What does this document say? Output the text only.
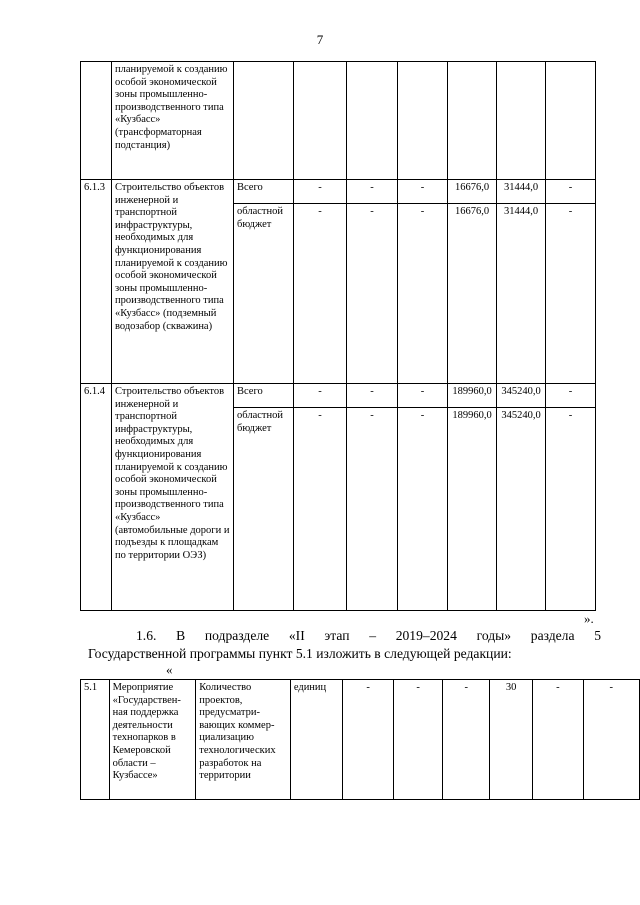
7
	планируемой к созданию особой экономической зоны промышленно-производственного типа «Кузбасс» (трансформаторная подстанция)							
6.1.3	Строительство объектов инженерной и транспортной инфраструктуры, необходимых для функционирования планируемой к созданию особой экономической зоны промышленно-производственного типа «Кузбасс» (подземный водозабор (скважина)	Всего	-	-	-	16676,0	31444,0	-
		областной бюджет	-	-	-	16676,0	31444,0	-
6.1.4	Строительство объектов инженерной и транспортной инфраструктуры, необходимых для функционирования планируемой к созданию особой экономической зоны промышленно-производственного типа «Кузбасс» (автомобильные дороги и подъезды к площадкам по территории ОЭЗ)	Всего	-	-	-	189960,0	345240,0	-
		областной бюджет	-	-	-	189960,0	345240,0	-
».
1.6. В подразделе «II этап – 2019–2024 годы» раздела 5
Государственной программы пункт 5.1 изложить в следующей редакции:
«
5.1	Мероприятие «Государствен-ная поддержка деятельности технопарков в Кемеровской области – Кузбассе»	Количество проектов, предусматри-вающих коммер-циализацию технологических разработок на территории	единиц	-	-	-	30	-	-
